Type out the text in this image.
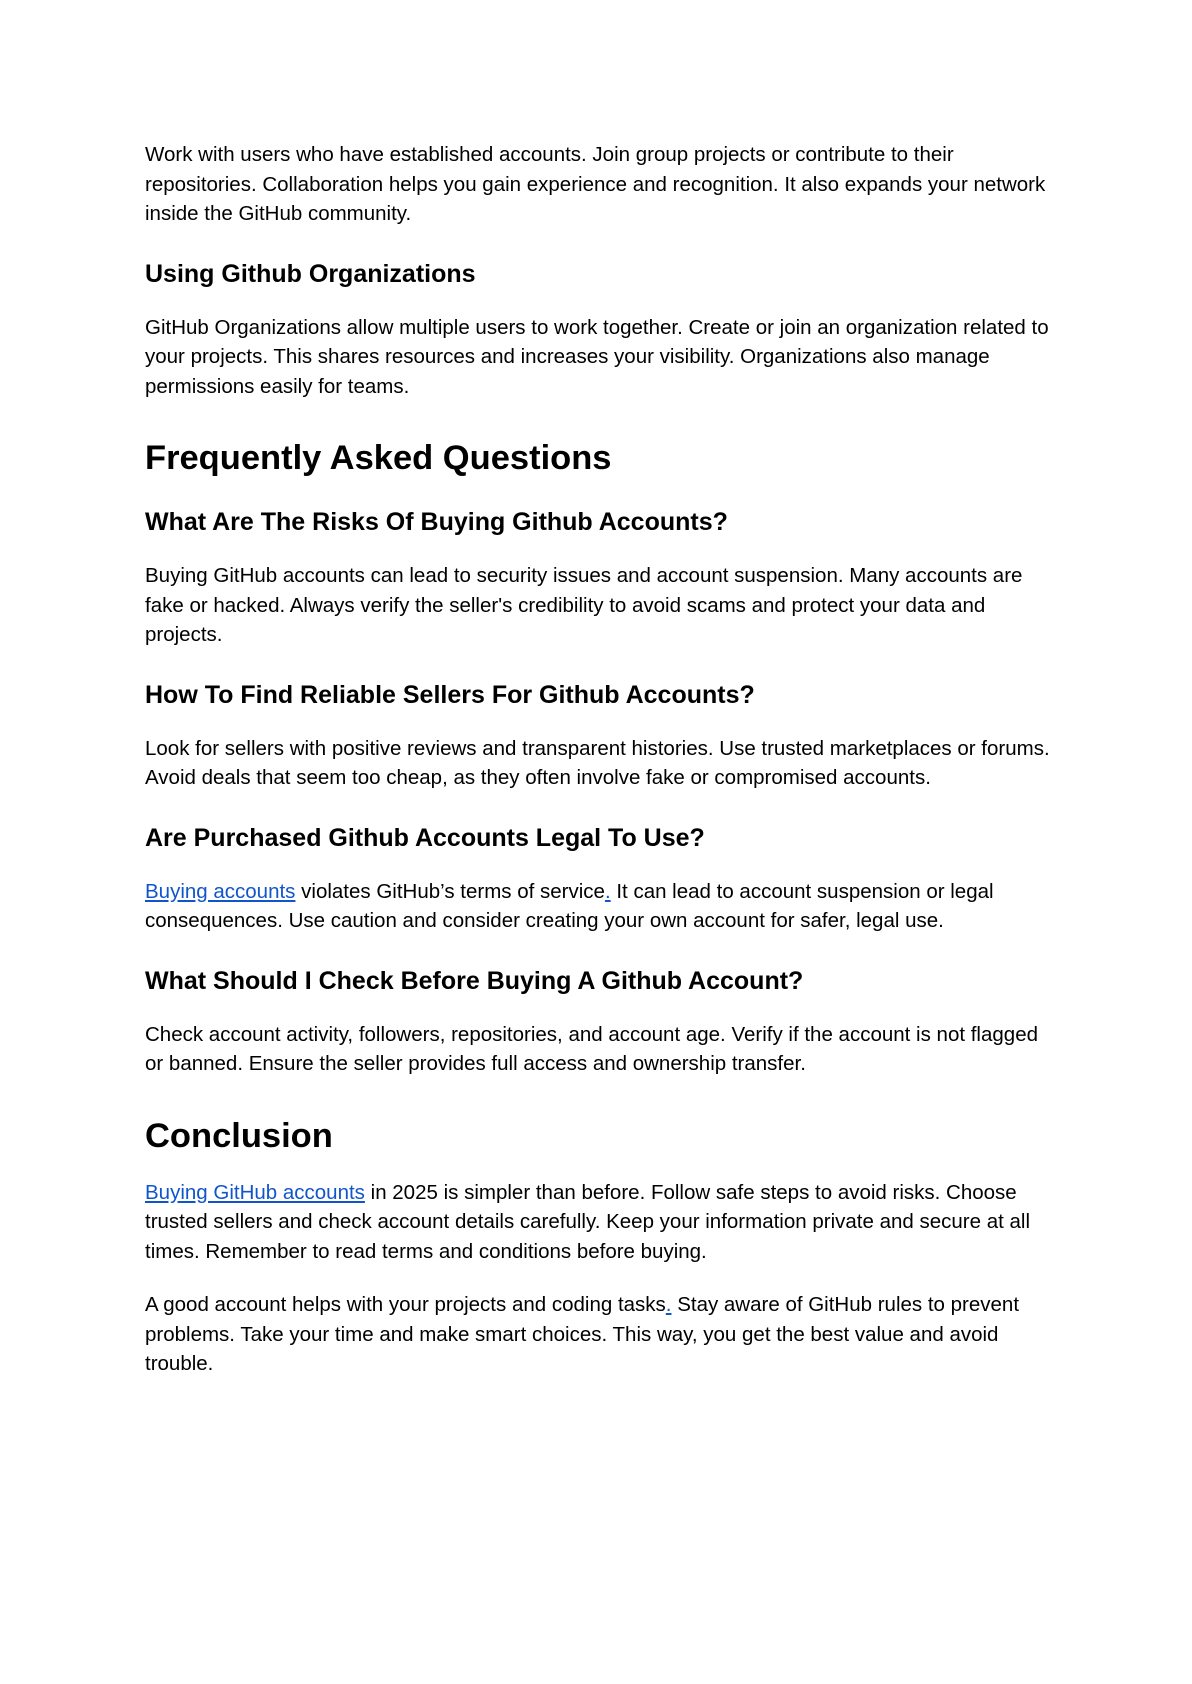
Work with users who have established accounts. Join group projects or contribute to their repositories. Collaboration helps you gain experience and recognition. It also expands your network inside the GitHub community.

Using Github Organizations

GitHub Organizations allow multiple users to work together. Create or join an organization related to your projects. This shares resources and increases your visibility. Organizations also manage permissions easily for teams.

Frequently Asked Questions
What Are The Risks Of Buying Github Accounts?

Buying GitHub accounts can lead to security issues and account suspension. Many accounts are fake or hacked. Always verify the seller's credibility to avoid scams and protect your data and projects.

How To Find Reliable Sellers For Github Accounts?

Look for sellers with positive reviews and transparent histories. Use trusted marketplaces or forums. Avoid deals that seem too cheap, as they often involve fake or compromised accounts.

Are Purchased Github Accounts Legal To Use?

Buying accounts violates GitHub’s terms of service. It can lead to account suspension or legal consequences. Use caution and consider creating your own account for safer, legal use.

What Should I Check Before Buying A Github Account?

Check account activity, followers, repositories, and account age. Verify if the account is not flagged or banned. Ensure the seller provides full access and ownership transfer.

Conclusion

Buying GitHub accounts in 2025 is simpler than before. Follow safe steps to avoid risks. Choose trusted sellers and check account details carefully. Keep your information private and secure at all times. Remember to read terms and conditions before buying.

A good account helps with your projects and coding tasks. Stay aware of GitHub rules to prevent problems. Take your time and make smart choices. This way, you get the best value and avoid trouble.
